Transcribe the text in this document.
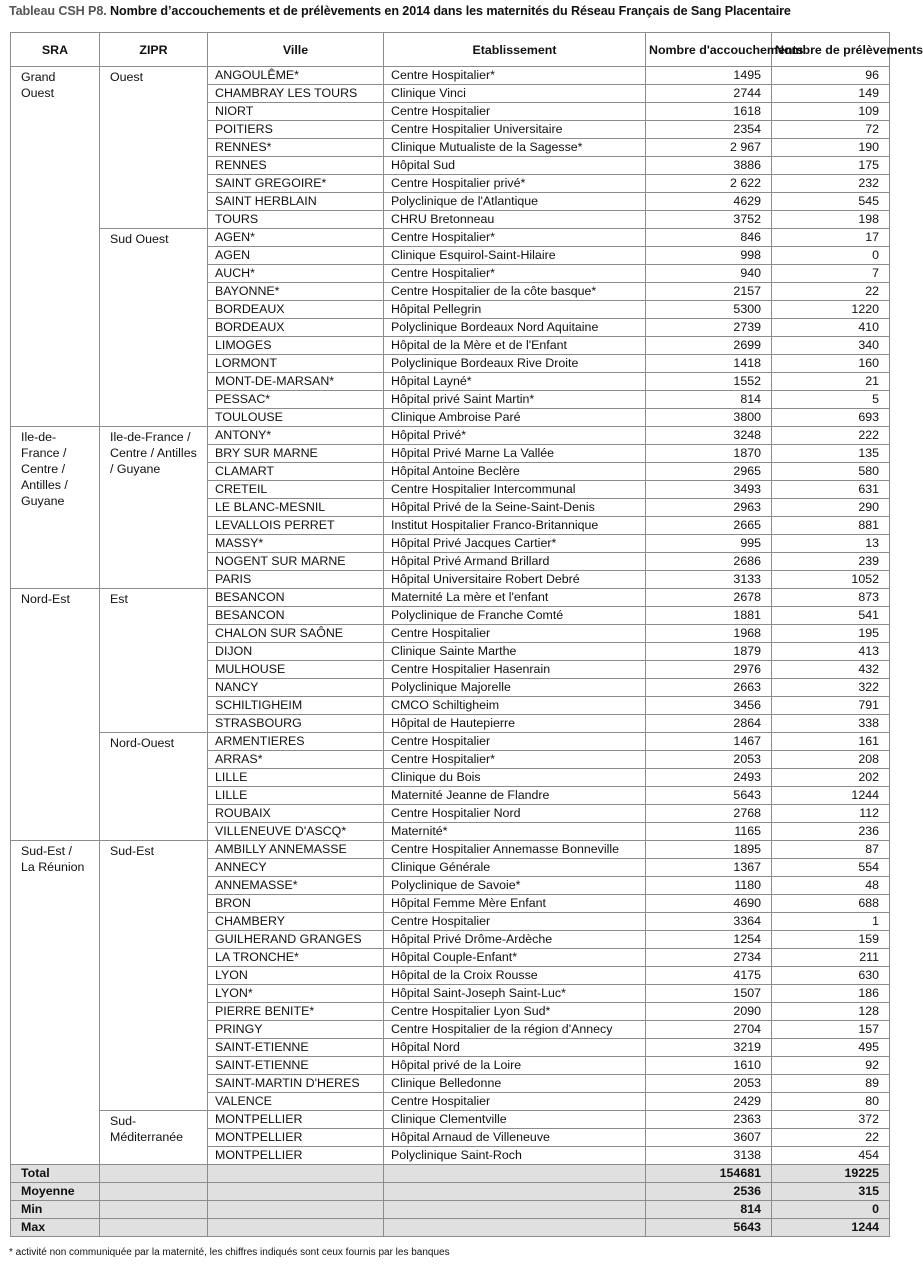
Tableau CSH P8. Nombre d’accouchements et de prélèvements en 2014 dans les maternités du Réseau Français de Sang Placentaire
SRA	ZIPR	Ville	Etablissement	Nombre d'accouchements	Nombre de prélèvements
Grand Ouest	Ouest	ANGOULÊME*	Centre Hospitalier*	1495	96
		CHAMBRAY LES TOURS	Clinique Vinci	2744	149
		NIORT	Centre Hospitalier	1618	109
		POITIERS	Centre Hospitalier Universitaire	2354	72
		RENNES*	Clinique Mutualiste de la Sagesse*	2 967	190
		RENNES	Hôpital Sud	3886	175
		SAINT GREGOIRE*	Centre Hospitalier privé*	2 622	232
		SAINT HERBLAIN	Polyclinique de l'Atlantique	4629	545
		TOURS	CHRU Bretonneau	3752	198
	Sud Ouest	AGEN*	Centre Hospitalier*	846	17
		AGEN	Clinique Esquirol-Saint-Hilaire	998	0
		AUCH*	Centre Hospitalier*	940	7
		BAYONNE*	Centre Hospitalier de la côte basque*	2157	22
		BORDEAUX	Hôpital Pellegrin	5300	1220
		BORDEAUX	Polyclinique Bordeaux Nord Aquitaine	2739	410
		LIMOGES	Hôpital de la Mère et de l'Enfant	2699	340
		LORMONT	Polyclinique Bordeaux Rive Droite	1418	160
		MONT-DE-MARSAN*	Hôpital Layné*	1552	21
		PESSAC*	Hôpital privé Saint Martin*	814	5
		TOULOUSE	Clinique Ambroise Paré	3800	693
Ile-de-France / Centre / Antilles / Guyane	Ile-de-France / Centre / Antilles / Guyane	ANTONY*	Hôpital Privé*	3248	222
		BRY SUR MARNE	Hôpital Privé Marne La Vallée	1870	135
		CLAMART	Hôpital Antoine Beclère	2965	580
		CRETEIL	Centre Hospitalier Intercommunal	3493	631
		LE BLANC-MESNIL	Hôpital Privé de la Seine-Saint-Denis	2963	290
		LEVALLOIS PERRET	Institut Hospitalier Franco-Britannique	2665	881
		MASSY*	Hôpital Privé Jacques Cartier*	995	13
		NOGENT SUR MARNE	Hôpital Privé Armand Brillard	2686	239
		PARIS	Hôpital Universitaire Robert Debré	3133	1052
Nord-Est	Est	BESANCON	Maternité La mère et l'enfant	2678	873
		BESANCON	Polyclinique de Franche Comté	1881	541
		CHALON SUR SAÔNE	Centre Hospitalier	1968	195
		DIJON	Clinique Sainte Marthe	1879	413
		MULHOUSE	Centre Hospitalier Hasenrain	2976	432
		NANCY	Polyclinique Majorelle	2663	322
		SCHILTIGHEIM	CMCO Schiltigheim	3456	791
		STRASBOURG	Hôpital de Hautepierre	2864	338
	Nord-Ouest	ARMENTIERES	Centre Hospitalier	1467	161
		ARRAS*	Centre Hospitalier*	2053	208
		LILLE	Clinique du Bois	2493	202
		LILLE	Maternité Jeanne de Flandre	5643	1244
		ROUBAIX	Centre Hospitalier Nord	2768	112
		VILLENEUVE D'ASCQ*	Maternité*	1165	236
Sud-Est / La Réunion	Sud-Est	AMBILLY ANNEMASSE	Centre Hospitalier Annemasse Bonneville	1895	87
		ANNECY	Clinique Générale	1367	554
		ANNEMASSE*	Polyclinique de Savoie*	1180	48
		BRON	Hôpital Femme Mère Enfant	4690	688
		CHAMBERY	Centre Hospitalier	3364	1
		GUILHERAND GRANGES	Hôpital Privé Drôme-Ardèche	1254	159
		LA TRONCHE*	Hôpital Couple-Enfant*	2734	211
		LYON	Hôpital de la Croix Rousse	4175	630
		LYON*	Hôpital Saint-Joseph Saint-Luc*	1507	186
		PIERRE BENITE*	Centre Hospitalier Lyon Sud*	2090	128
		PRINGY	Centre Hospitalier de la région d'Annecy	2704	157
		SAINT-ETIENNE	Hôpital Nord	3219	495
		SAINT-ETIENNE	Hôpital privé de la Loire	1610	92
		SAINT-MARTIN D'HERES	Clinique Belledonne	2053	89
		VALENCE	Centre Hospitalier	2429	80
	Sud-Méditerranée	MONTPELLIER	Clinique Clementville	2363	372
		MONTPELLIER	Hôpital Arnaud de Villeneuve	3607	22
		MONTPELLIER	Polyclinique Saint-Roch	3138	454
Total				154681	19225
Moyenne				2536	315
Min				814	0
Max				5643	1244
* activité non communiquée par la maternité, les chiffres indiqués sont ceux fournis par les banques
